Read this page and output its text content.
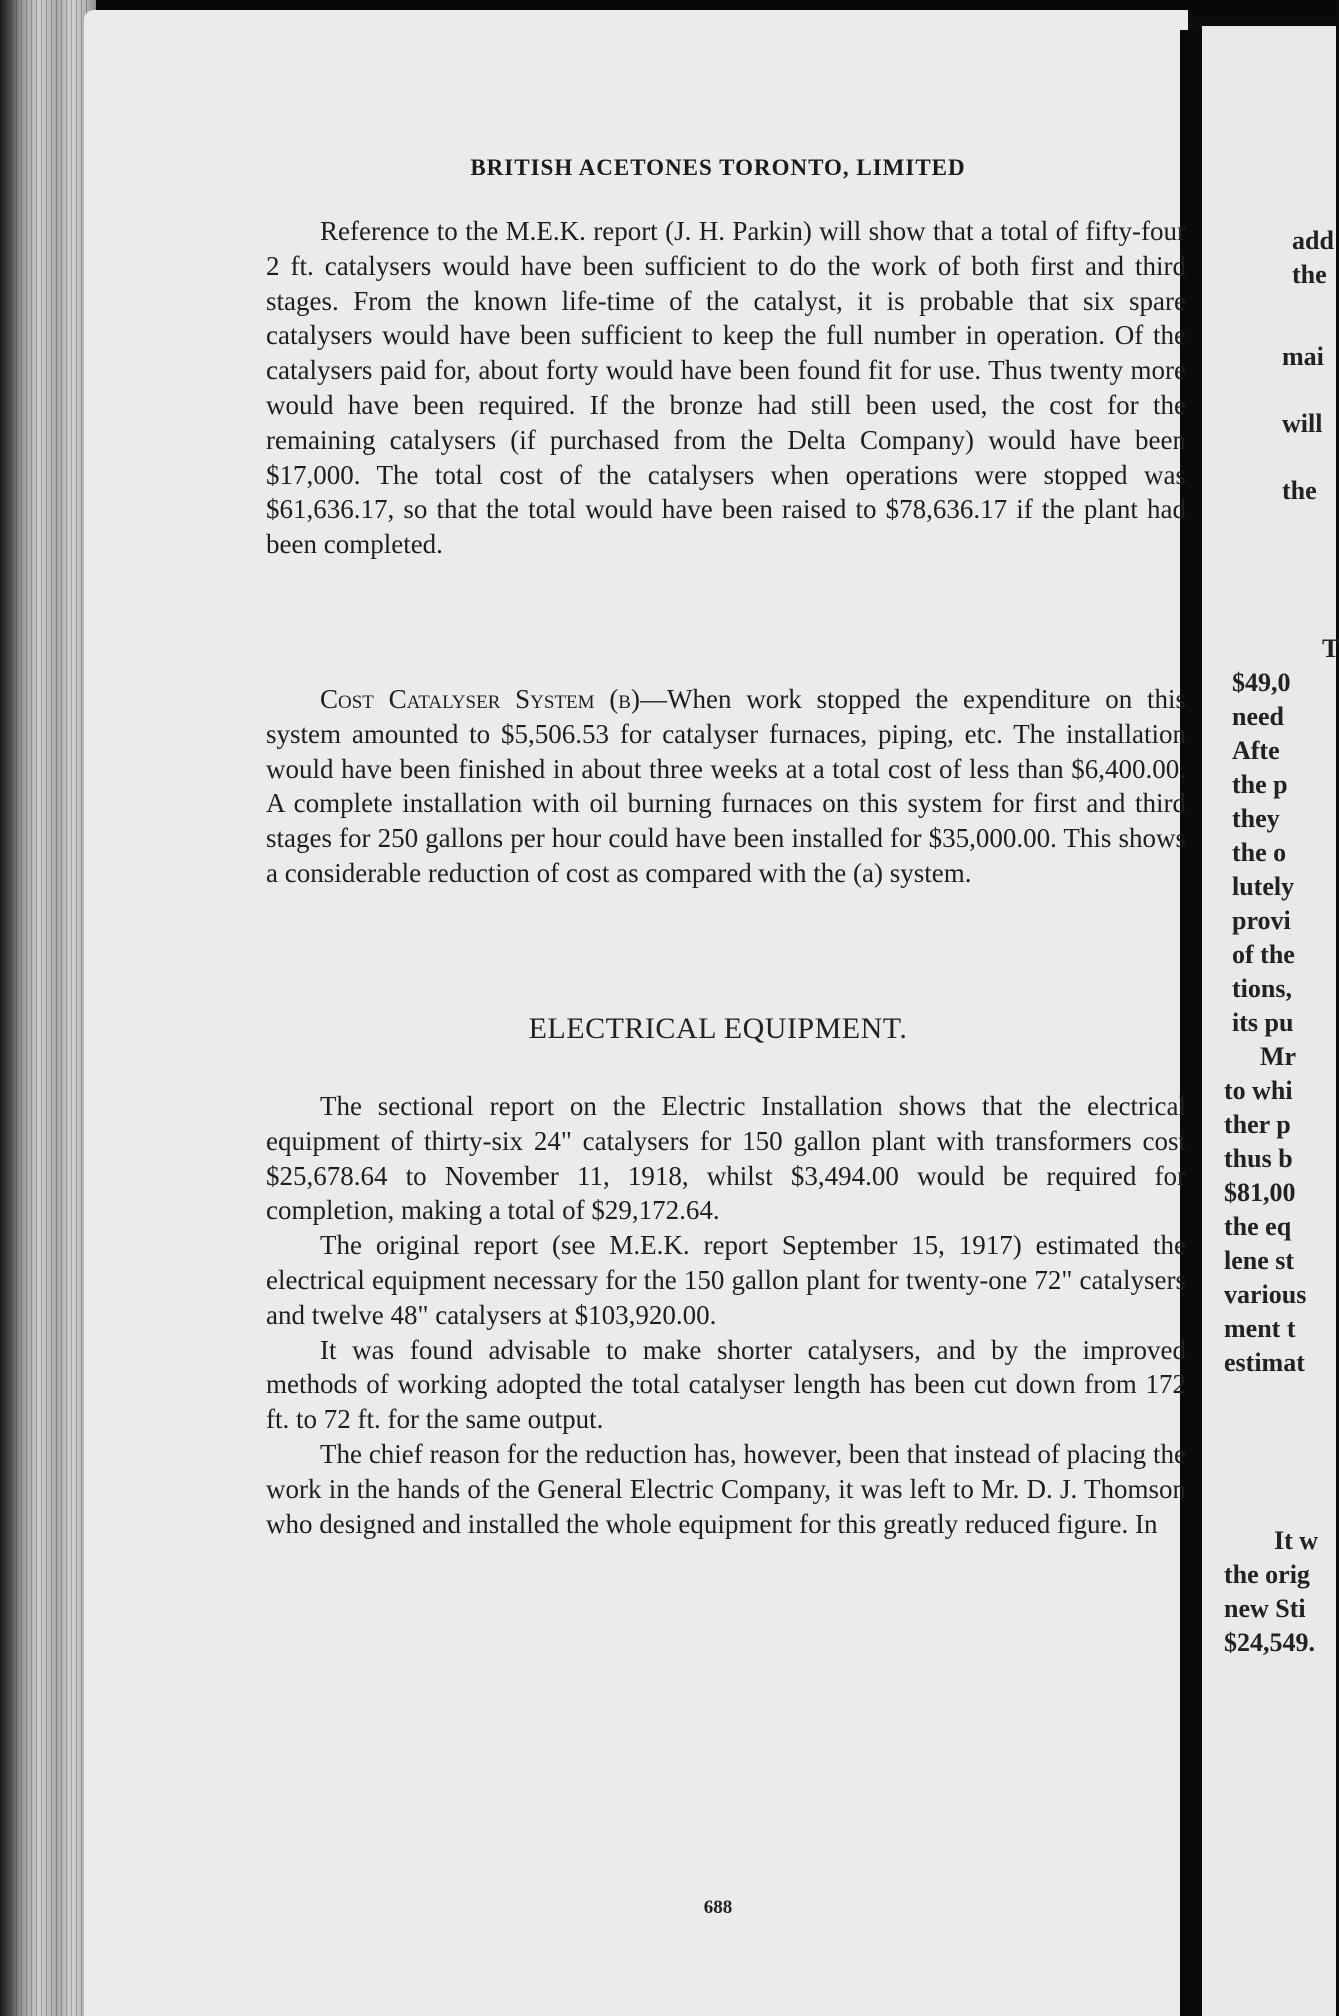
add
the
mai
will
the
T
$49,0
need
Afte
the p
they
the o
lutely
provi
of the
tions,
its pu
Mr
to whi
ther p
thus b
$81,00
the eq
lene st
various
ment t
estimat
It w
the orig
new Sti
$24,549.
BRITISH ACETONES TORONTO, LIMITED

Reference to the M.E.K. report (J. H. Parkin) will show that a total of fifty-four 2 ft. catalysers would have been sufficient to do the work of both first and third stages. From the known life-time of the catalyst, it is probable that six spare catalysers would have been sufficient to keep the full number in operation. Of the catalysers paid for, about forty would have been found fit for use. Thus twenty more would have been required. If the bronze had still been used, the cost for the remaining catalysers (if purchased from the Delta Company) would have been $17,000. The total cost of the catalysers when operations were stopped was $61,636.17, so that the total would have been raised to $78,636.17 if the plant had been completed.

Cost Catalyser System (b)—When work stopped the expenditure on this system amounted to $5,506.53 for catalyser furnaces, piping, etc. The installation would have been finished in about three weeks at a total cost of less than $6,400.00. A complete installation with oil burning furnaces on this system for first and third stages for 250 gallons per hour could have been installed for $35,000.00. This shows a considerable reduction of cost as compared with the (a) system.

ELECTRICAL EQUIPMENT.

The sectional report on the Electric Installation shows that the electrical equipment of thirty-six 24" catalysers for 150 gallon plant with transformers cost $25,678.64 to November 11, 1918, whilst $3,494.00 would be required for completion, making a total of $29,172.64.

The original report (see M.E.K. report September 15, 1917) estimated the electrical equipment necessary for the 150 gallon plant for twenty-one 72" catalysers and twelve 48" catalysers at $103,920.00.

It was found advisable to make shorter catalysers, and by the improved methods of working adopted the total catalyser length has been cut down from 172 ft. to 72 ft. for the same output.

The chief reason for the reduction has, however, been that instead of placing the work in the hands of the General Electric Company, it was left to Mr. D. J. Thomson who designed and installed the whole equipment for this greatly reduced figure. In

688
